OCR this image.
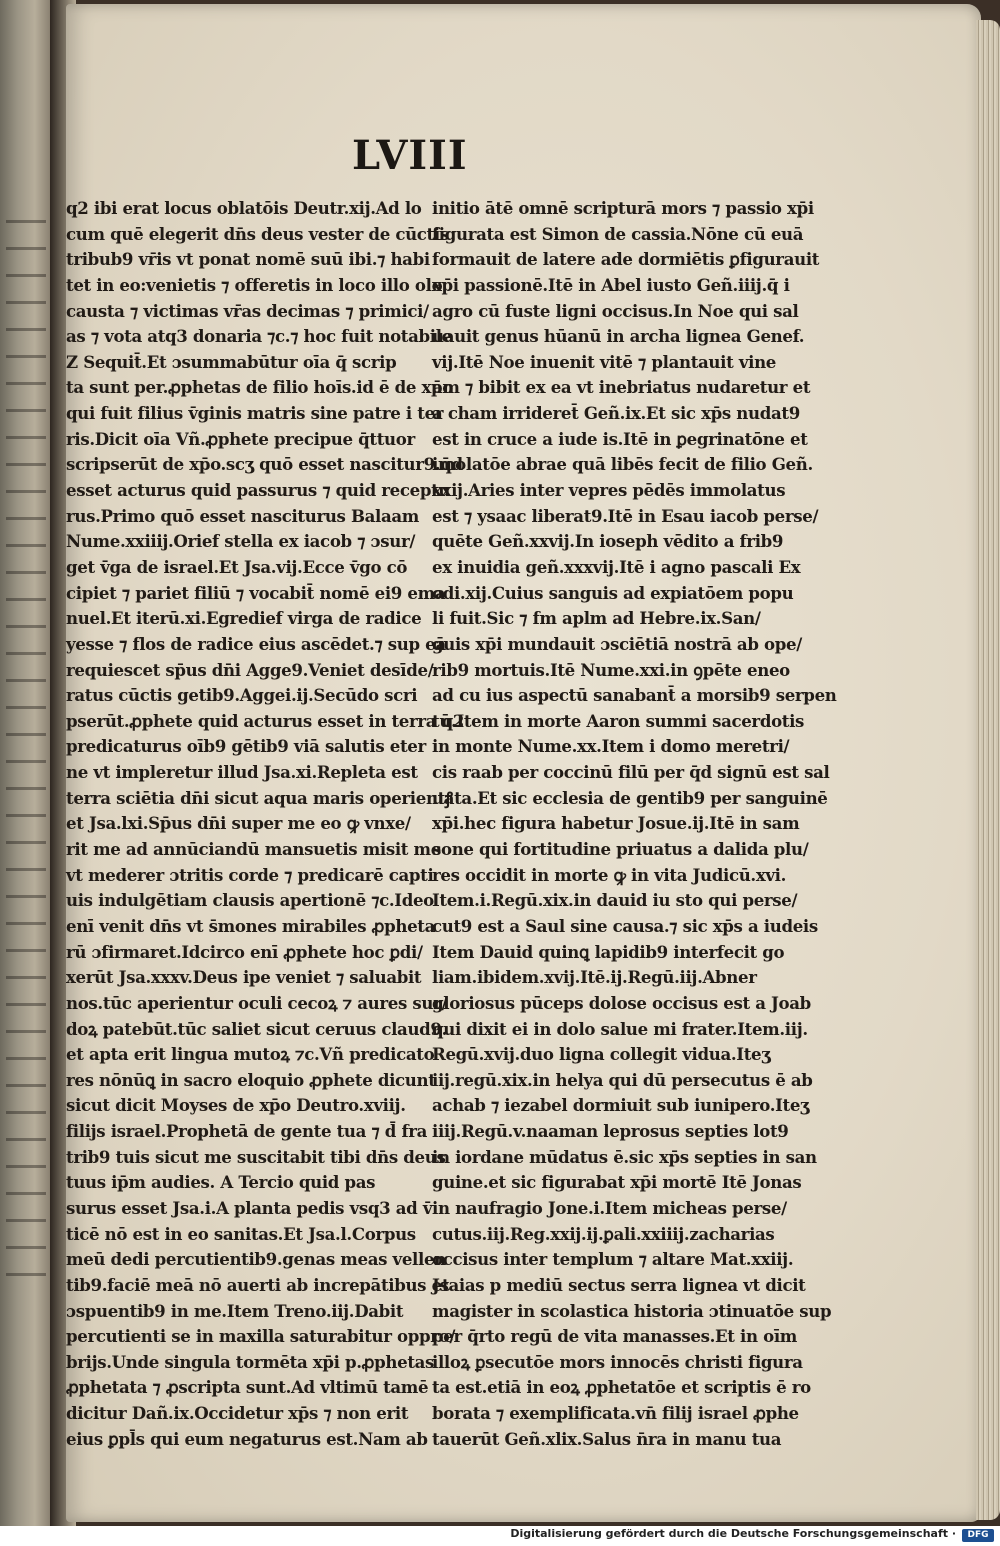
LVIII
q2 ibi erat locus oblatōis Deutr.xij.Ad lo
cum quē elegerit dn̄s deus vester de cūctis
tribub9 vr̄is vt ponat nomē suū ibi.⁊ habi
tet in eo:venietis ⁊ offeretis in loco illo olo
causta ⁊ victimas vr̄as decimas ⁊ primici/
as ⁊ vota atq3 donaria ⁊c.⁊ hoc fuit notabile
Z Sequit̄.Et ɔsummabūtur oīa q̄ scrip
ta sunt per.ꝓphetas de filio hoīs.id ē de xp̄o
qui fuit filius v̄ginis matris sine patre i ter
ris.Dicit oīa Vñ.ꝓphete precipue q̄ttuor
scripserūt de xp̄o.scʒ quō esset nascitur9.q̄d
esset acturus quid passurus ⁊ quid receptu
rus.Primo quō esset nasciturus Balaam
Nume.xxiiij.Orief stella ex iacob ⁊ ɔsur/
get v̄ga de israel.Et Jsa.vij.Ecce v̄go cō
cipiet ⁊ pariet filiū ⁊ vocabit̄ nomē ei9 ema
nuel.Et iterū.xi.Egredief virga de radice
yesse ⁊ flos de radice eius ascēdet.⁊ sup eā
requiescet sp̄us dn̄i Agge9.Veniet desīde/
ratus cūctis getib9.Aggei.ij.Secūdo scri
pserūt.ꝓphete quid acturus esset in terra q2
predicaturus oīb9 gētib9 viā salutis eter
ne vt impleretur illud Jsa.xi.Repleta est
terra sciētia dn̄i sicut aqua maris operientꝭ
et Jsa.lxi.Sp̄us dn̄i super me eo ꝙ vnxe/
rit me ad annūciandū mansuetis misit me
vt mederer ɔtritis corde ⁊ predicarē capti
uis indulgētiam clausis apertionē ⁊c.Ideo
enī venit dn̄s vt s̄mones mirabiles ꝓpheta
rū ɔfirmaret.Idcirco enī ꝓphete hoc ꝑdi/
xerūt Jsa.xxxv.Deus ipe veniet ⁊ saluabit
nos.tūc aperientur oculi cecoꝝ ⁊ aures sur/
doꝝ patebūt.tūc saliet sicut ceruus claud9.
et apta erit lingua mutoꝝ ⁊c.Vñ predicato
res nōnūꝗ in sacro eloquio ꝓphete dicunt
sicut dicit Moyses de xp̄o Deutro.xviij.
filijs israel.Prophetā de gente tua ⁊ d̄ fra
trib9 tuis sicut me suscitabit tibi dn̄s deus
tuus ip̄m audies. A Tercio quid pas
surus esset Jsa.i.A planta pedis vsq3 ad v̄
ticē nō est in eo sanitas.Et Jsa.l.Corpus
meū dedi percutientib9.genas meas vellen
tib9.faciē meā nō auerti ab increpātibus et
ɔspuentib9 in me.Item Treno.iij.Dabit
percutienti se in maxilla saturabitur oppro/
brijs.Unde singula tormēta xp̄i p.ꝓphetas
ꝓphetata ⁊ ꝓscripta sunt.Ad vltimū tamē
dicitur Dañ.ix.Occidetur xp̄s ⁊ non erit
eius ꝑpl̄s qui eum negaturus est.Nam ab
initio ātē omnē scripturā mors ⁊ passio xp̄i
figurata est Simon de cassia.Nōne cū euā
formauit de latere ade dormiētis ꝑfigurauit
xp̄i passionē.Itē in Abel iusto Geñ.iiij.q̄ i
agro cū fuste ligni occisus.In Noe qui sal
uauit genus hūanū in archa lignea Genef.
vij.Itē Noe inuenit vitē ⁊ plantauit vine
am ⁊ bibit ex ea vt inebriatus nudaretur et
a cham irrideret̄ Geñ.ix.Et sic xp̄s nudat9
est in cruce a iude is.Itē in ꝑegrinatōne et
imolatōe abrae quā libēs fecit de filio Geñ.
xxij.Aries inter vepres pēdēs immolatus
est ⁊ ysaac liberat9.Itē in Esau iacob perse/
quēte Geñ.xxvij.In ioseph vēdito a frib9
ex inuidia geñ.xxxvij.Itē i agno pascali Ex
odi.xij.Cuius sanguis ad expiatōem popu
li fuit.Sic ⁊ fm aplm ad Hebre.ix.San/
guis xp̄i mundauit ɔsciētiā nostrā ab ope/
rib9 mortuis.Itē Nume.xxi.in ꝯpēte eneo
ad cu ius aspectū sanabant̄ a morsib9 serpen
tū.Item in morte Aaron summi sacerdotis
in monte Nume.xx.Item i domo meretri/
cis raab per coccinū filū per q̄d signū est sal
uata.Et sic ecclesia de gentib9 per sanguinē
xp̄i.hec figura habetur Josue.ij.Itē in sam
sone qui fortitudine priuatus a dalida plu/
res occidit in morte ꝙ in vita Judicū.xvi.
Item.i.Regū.xix.in dauid iu sto qui perse/
cut9 est a Saul sine causa.⁊ sic xp̄s a iudeis
Item Dauid quinꝗ lapidib9 interfecit go
liam.ibidem.xvij.Itē.ij.Regū.iij.Abner
gloriosus pūceps dolose occisus est a Joab
qui dixit ei in dolo salue mi frater.Item.iij.
Regū.xvij.duo ligna collegit vidua.Iteʒ
iij.regū.xix.in helya qui dū persecutus ē ab
achab ⁊ iezabel dormiuit sub iunipero.Iteʒ
iiij.Regū.v.naaman leprosus septies lot9
in iordane mūdatus ē.sic xp̄s septies in san
guine.et sic figurabat xp̄i mortē Itē Jonas
in naufragio Jone.i.Item micheas perse/
cutus.iij.Reg.xxij.ij.ꝑali.xxiiij.zacharias
occisus inter templum ⁊ altare Mat.xxiij.
Jsaias p mediū sectus serra lignea vt dicit
magister in scolastica historia ɔtinuatōe sup
per q̄rto regū de vita manasses.Et in oīm
illoꝝ ꝑsecutōe mors innocēs christi figura
ta est.etiā in eoꝝ ꝓphetatōe et scriptis ē ro
borata ⁊ exemplificata.vn̄ filij israel ꝓphe
tauerūt Geñ.xlix.Salus n̄ra in manu tua
Digitalisierung gefördert durch die Deutsche Forschungsgemeinschaft ·	DFG
